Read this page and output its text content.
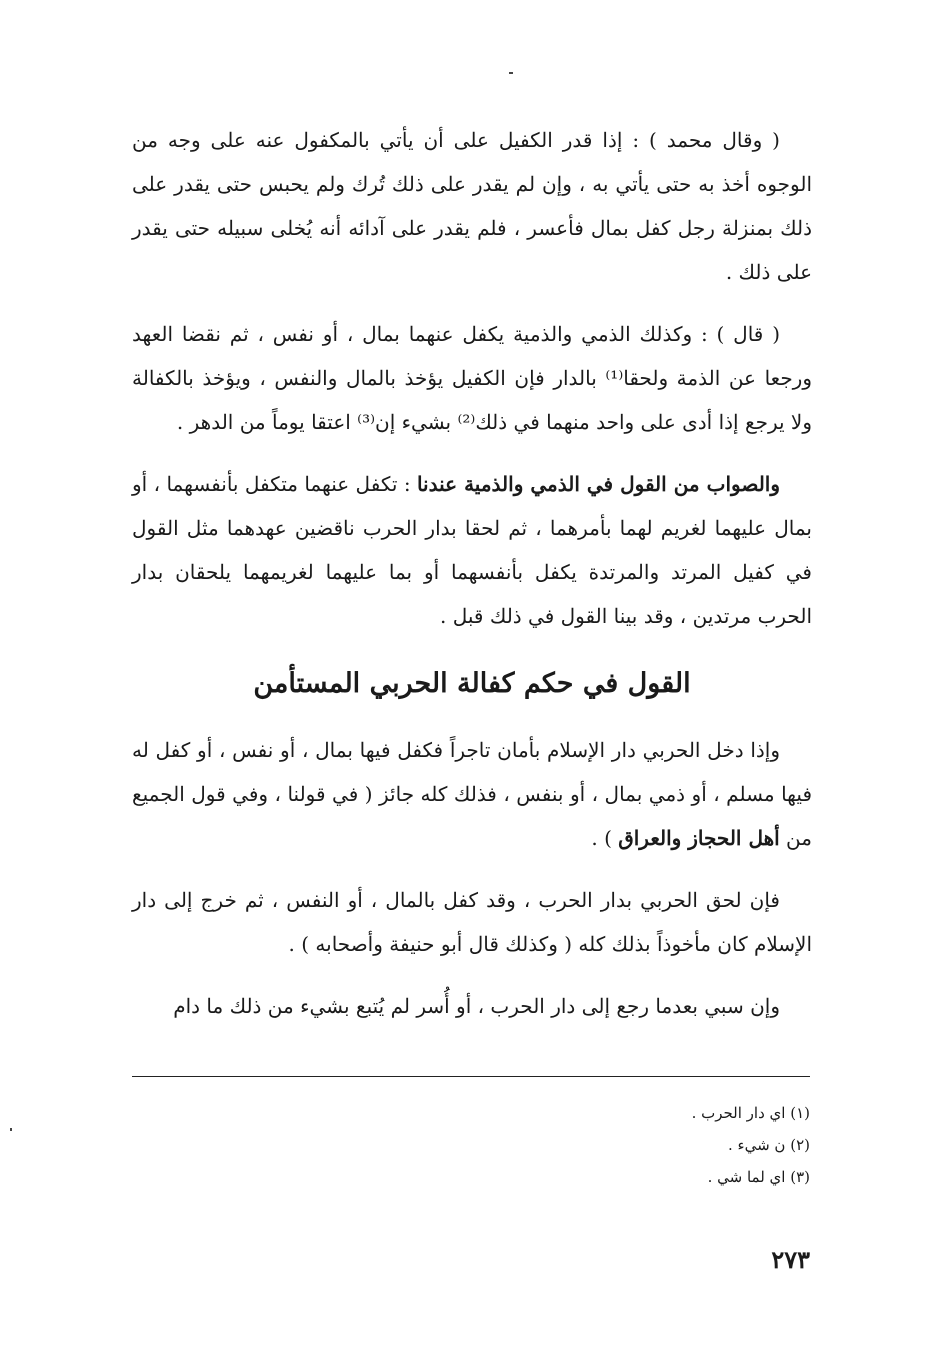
( وقال محمد ) : إذا قدر الكفيل على أن يأتي بالمكفول عنه على وجه من الوجوه أخذ به حتى يأتي به ، وإن لم يقدر على ذلك تُرك ولم يحبس حتى يقدر على ذلك بمنزلة رجل كفل بمال فأعسر ، فلم يقدر على آدائه أنه يُخلى سبيله حتى يقدر على ذلك .

( قال ) : وكذلك الذمي والذمية يكفل عنهما بمال ، أو نفس ، ثم نقضا العهد ورجعا عن الذمة ولحقا⁽¹⁾ بالدار فإن الكفيل يؤخذ بالمال والنفس ، ويؤخذ بالكفالة ولا يرجع إذا أدى على واحد منهما في ذلك⁽²⁾ بشيء إن⁽³⁾ اعتقا يوماً من الدهر .

والصواب من القول في الذمي والذمية عندنا : تكفل عنهما متكفل بأنفسهما ، أو بمال عليهما لغريم لهما بأمرهما ، ثم لحقا بدار الحرب ناقضين عهدهما مثل القول في كفيل المرتد والمرتدة يكفل بأنفسهما أو بما عليهما لغريمهما يلحقان بدار الحرب مرتدين ، وقد بينا القول في ذلك قبل .

القول في حكم كفالة الحربي المستأمن

وإذا دخل الحربي دار الإسلام بأمان تاجراً فكفل فيها بمال ، أو نفس ، أو كفل له فيها مسلم ، أو ذمي بمال ، أو بنفس ، فذلك كله جائز ( في قولنا ، وفي قول الجميع من أهل الحجاز والعراق ) .

فإن لحق الحربي بدار الحرب ، وقد كفل بالمال ، أو النفس ، ثم خرج إلى دار الإسلام كان مأخوذاً بذلك كله ( وكذلك قال أبو حنيفة وأصحابه ) .

وإن سبي بعدما رجع إلى دار الحرب ، أو أُسر لم يُتبع بشيء من ذلك ما دام

(١) اي دار الحرب .

(٢) ن شيء .

(٣) اي لما شي .

٢٧٣
